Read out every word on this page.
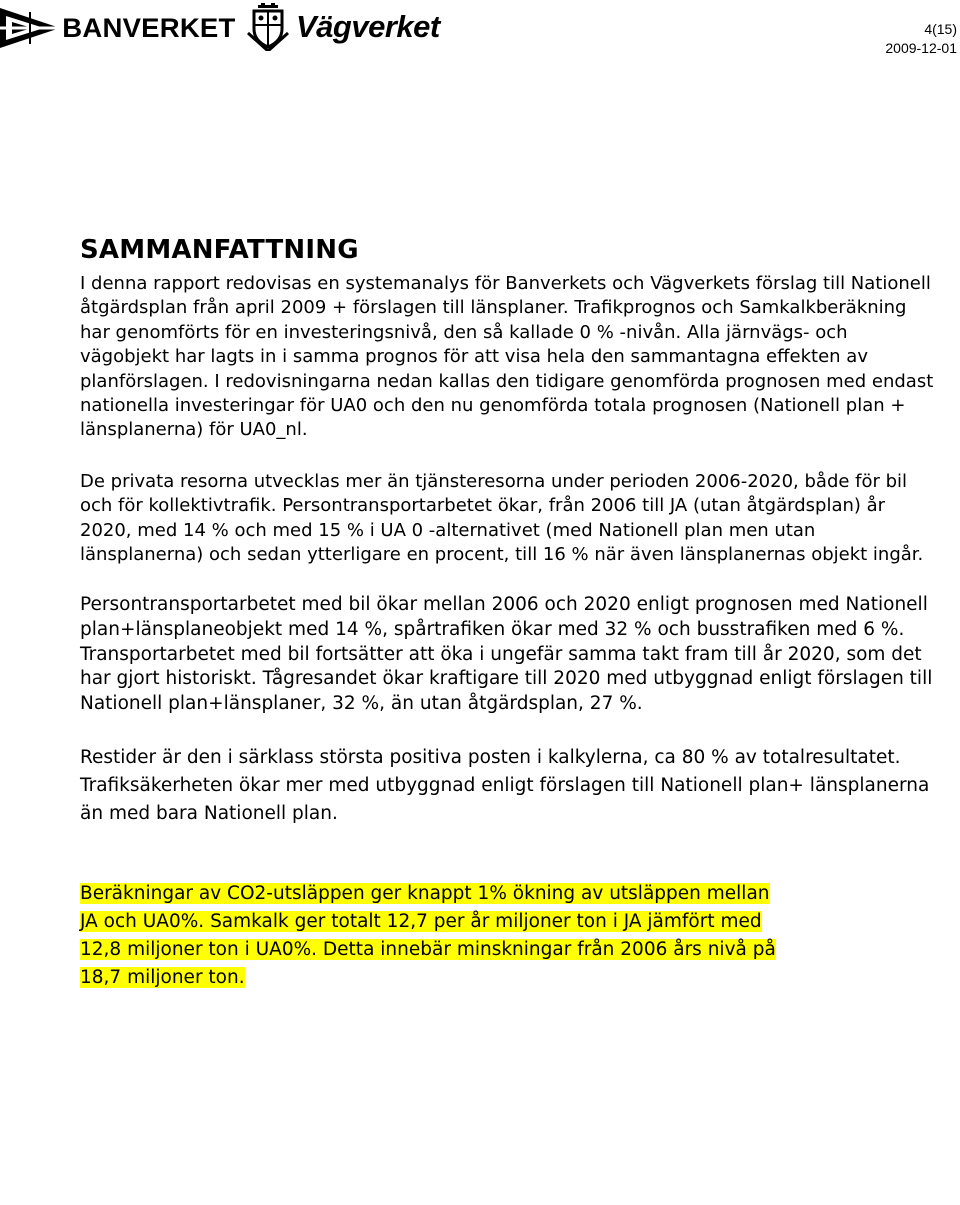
BANVERKET Vägverket	4(15)
2009-12-01
SAMMANFATTNING

I denna rapport redovisas en systemanalys för Banverkets och Vägverkets förslag till Nationell åtgärdsplan från april 2009 + förslagen till länsplaner. Trafikprognos och Samkalkberäkning har genomförts för en investeringsnivå, den så kallade 0 % -nivån. Alla järnvägs- och vägobjekt har lagts in i samma prognos för att visa hela den sammantagna effekten av planförslagen. I redovisningarna nedan kallas den tidigare genomförda prognosen med endast nationella investeringar för UA0 och den nu genomförda totala prognosen (Nationell plan + länsplanerna) för UA0_nl.

De privata resorna utvecklas mer än tjänsteresorna under perioden 2006-2020, både för bil och för kollektivtrafik. Persontransportarbetet ökar, från 2006 till JA (utan åtgärdsplan) år 2020, med 14 % och med 15 % i UA 0 -alternativet (med Nationell plan men utan länsplanerna) och sedan ytterligare en procent, till 16 % när även länsplanernas objekt ingår.

Persontransportarbetet med bil ökar mellan 2006 och 2020 enligt prognosen med Nationell plan+länsplaneobjekt med 14 %, spårtrafiken ökar med 32 % och busstrafiken med 6 %. Transportarbetet med bil fortsätter att öka i ungefär samma takt fram till år 2020, som det har gjort historiskt. Tågresandet ökar kraftigare till 2020 med utbyggnad enligt förslagen till Nationell plan+länsplaner, 32 %, än utan åtgärdsplan, 27 %.

Restider är den i särklass största positiva posten i kalkylerna, ca 80 % av totalresultatet. Trafiksäkerheten ökar mer med utbyggnad enligt förslagen till Nationell plan+ länsplanerna än med bara Nationell plan.

Beräkningar av CO2-utsläppen ger knappt 1% ökning av utsläppen mellan JA och UA0%. Samkalk ger totalt 12,7 per år miljoner ton i JA jämfört med 12,8 miljoner ton i UA0%. Detta innebär minskningar från 2006 års nivå på 18,7 miljoner ton.
